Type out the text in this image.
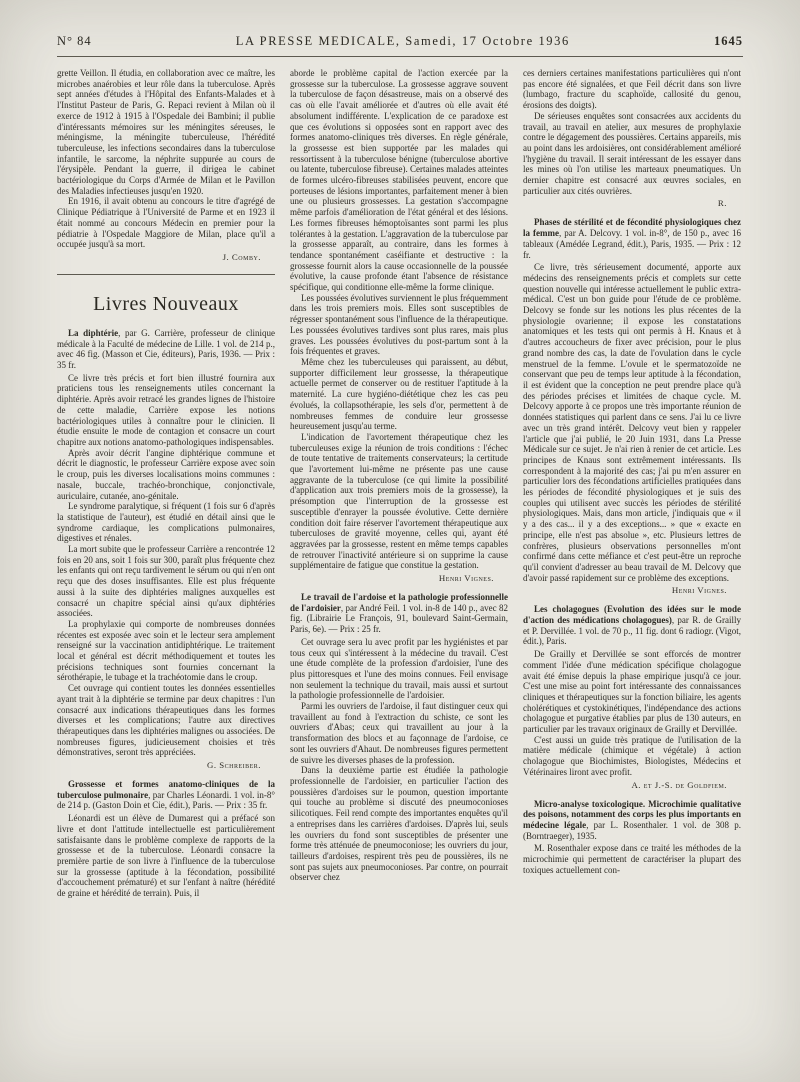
N° 84	LA PRESSE MEDICALE, Samedi, 17 Octobre 1936	1645

grette Veillon. Il étudia, en collaboration avec ce maître, les microbes anaérobies et leur rôle dans la tuberculose. Après sept années d'études à l'Hôpital des Enfants-Malades et à l'Institut Pasteur de Paris, G. Repaci revient à Milan où il exerce de 1912 à 1915 à l'Ospedale dei Bambini; il publie d'intéressants mémoires sur les méningites séreuses, le méningisme, la méningite tuberculeuse, l'hérédité tuberculeuse, les infections secondaires dans la tuberculose infantile, le sarcome, la néphrite suppurée au cours de l'érysipèle. Pendant la guerre, il dirigea le cabinet bactériologique du Corps d'Armée de Milan et le Pavillon des Maladies infectieuses jusqu'en 1920.

En 1916, il avait obtenu au concours le titre d'agrégé de Clinique Pédiatrique à l'Université de Parme et en 1923 il était nommé au concours Médecin en premier pour la pédiatrie à l'Ospedale Maggiore de Milan, place qu'il a occupée jusqu'à sa mort.

J. Comby.

Livres Nouveaux

La diphtérie, par G. Carrière, professeur de clinique médicale à la Faculté de médecine de Lille. 1 vol. de 214 p., avec 46 fig. (Masson et Cie, éditeurs), Paris, 1936. — Prix : 35 fr.

Ce livre très précis et fort bien illustré fournira aux praticiens tous les renseignements utiles concernant la diphtérie. Après avoir retracé les grandes lignes de l'histoire de cette maladie, Carrière expose les notions bactériologiques utiles à connaître pour le clinicien. Il étudie ensuite le mode de contagion et consacre un court chapitre aux notions anatomo-pathologiques indispensables.

Après avoir décrit l'angine diphtérique commune et décrit le diagnostic, le professeur Carrière expose avec soin le croup, puis les diverses localisations moins communes : nasale, buccale, trachéo-bronchique, conjonctivale, auriculaire, cutanée, ano-génitale.

Le syndrome paralytique, si fréquent (1 fois sur 6 d'après la statistique de l'auteur), est étudié en détail ainsi que le syndrome cardiaque, les complications pulmonaires, digestives et rénales.

La mort subite que le professeur Carrière a rencontrée 12 fois en 20 ans, soit 1 fois sur 300, paraît plus fréquente chez les enfants qui ont reçu tardivement le sérum ou qui n'en ont reçu que des doses insuffisantes. Elle est plus fréquente aussi à la suite des diphtéries malignes auxquelles est consacré un chapitre spécial ainsi qu'aux diphtéries associées.

La prophylaxie qui comporte de nombreuses données récentes est exposée avec soin et le lecteur sera amplement renseigné sur la vaccination antidiphtérique. Le traitement local et général est décrit méthodiquement et toutes les précisions techniques sont fournies concernant la sérothérapie, le tubage et la trachéotomie dans le croup.

Cet ouvrage qui contient toutes les données essentielles ayant trait à la diphtérie se termine par deux chapitres : l'un consacré aux indications thérapeutiques dans les formes diverses et les complications; l'autre aux directives thérapeutiques dans les diphtéries malignes ou associées. De nombreuses figures, judicieusement choisies et très démonstratives, seront très appréciées.

G. Schreiber.

Grossesse et formes anatomo-cliniques de la tuberculose pulmonaire, par Charles Léonardi. 1 vol. in-8° de 214 p. (Gaston Doin et Cie, édit.), Paris. — Prix : 35 fr.

Léonardi est un élève de Dumarest qui a préfacé son livre et dont l'attitude intellectuelle est particulièrement satisfaisante dans le problème complexe de rapports de la grossesse et de la tuberculose. Léonardi consacre la première partie de son livre à l'influence de la tuberculose sur la grossesse (aptitude à la fécondation, possibilité d'accouchement prématuré) et sur l'enfant à naître (hérédité de graine et hérédité de terrain). Puis, il

aborde le problème capital de l'action exercée par la grossesse sur la tuberculose. La grossesse aggrave souvent la tuberculose de façon désastreuse, mais on a observé des cas où elle l'avait améliorée et d'autres où elle avait été absolument indifférente. L'explication de ce paradoxe est que ces évolutions si opposées sont en rapport avec des formes anatomo-cliniques très diverses. En règle générale, la grossesse est bien supportée par les malades qui ressortissent à la tuberculose bénigne (tuberculose abortive ou latente, tuberculose fibreuse). Certaines malades atteintes de formes ulcéro-fibreuses stabilisées peuvent, encore que porteuses de lésions importantes, parfaitement mener à bien une ou plusieurs grossesses. La gestation s'accompagne même parfois d'amélioration de l'état général et des lésions. Les formes fibreuses hémoptoïsantes sont parmi les plus tolérantes à la gestation. L'aggravation de la tuberculose par la grossesse apparaît, au contraire, dans les formes à tendance spontanément caséifiante et destructive : la grossesse fournit alors la cause occasionnelle de la poussée évolutive, la cause profonde étant l'absence de résistance spécifique, qui conditionne elle-même la forme clinique.

Les poussées évolutives surviennent le plus fréquemment dans les trois premiers mois. Elles sont susceptibles de régresser spontanément sous l'influence de la thérapeutique. Les poussées évolutives tardives sont plus rares, mais plus graves. Les poussées évolutives du post-partum sont à la fois fréquentes et graves.

Même chez les tuberculeuses qui paraissent, au début, supporter difficilement leur grossesse, la thérapeutique actuelle permet de conserver ou de restituer l'aptitude à la maternité. La cure hygiéno-diététique chez les cas peu évolués, la collapsothérapie, les sels d'or, permettent à de nombreuses femmes de conduire leur grossesse heureusement jusqu'au terme.

L'indication de l'avortement thérapeutique chez les tuberculeuses exige la réunion de trois conditions : l'échec de toute tentative de traitements conservateurs; la certitude que l'avortement lui-même ne présente pas une cause aggravante de la tuberculose (ce qui limite la possibilité d'application aux trois premiers mois de la grossesse), la présomption que l'interruption de la grossesse est susceptible d'enrayer la poussée évolutive. Cette dernière condition doit faire réserver l'avortement thérapeutique aux tuberculoses de gravité moyenne, celles qui, ayant été aggravées par la grossesse, restent en même temps capables de retrouver l'inactivité antérieure si on supprime la cause supplémentaire de fatigue que constitue la gestation.

Henri Vignes.

Le travail de l'ardoise et la pathologie professionnelle de l'ardoisier, par André Feil. 1 vol. in-8 de 140 p., avec 82 fig. (Librairie Le François, 91, boulevard Saint-Germain, Paris, 6e). — Prix : 25 fr.

Cet ouvrage sera lu avec profit par les hygiénistes et par tous ceux qui s'intéressent à la médecine du travail. C'est une étude complète de la profession d'ardoisier, l'une des plus pittoresques et l'une des moins connues. Feil envisage non seulement la technique du travail, mais aussi et surtout la pathologie professionnelle de l'ardoisier.

Parmi les ouvriers de l'ardoise, il faut distinguer ceux qui travaillent au fond à l'extraction du schiste, ce sont les ouvriers d'Abas; ceux qui travaillent au jour à la transformation des blocs et au façonnage de l'ardoise, ce sont les ouvriers d'Ahaut. De nombreuses figures permettent de suivre les diverses phases de la profession.

Dans la deuxième partie est étudiée la pathologie professionnelle de l'ardoisier, en particulier l'action des poussières d'ardoises sur le poumon, question importante qui touche au problème si discuté des pneumoconioses silicotiques. Feil rend compte des importantes enquêtes qu'il a entreprises dans les carrières d'ardoises. D'après lui, seuls les ouvriers du fond sont susceptibles de présenter une forme très atténuée de pneumoconiose; les ouvriers du jour, tailleurs d'ardoises, respirent très peu de poussières, ils ne sont pas sujets aux pneumoconioses. Par contre, on pourrait observer chez

ces derniers certaines manifestations particulières qui n'ont pas encore été signalées, et que Feil décrit dans son livre (lumbago, fracture du scaphoïde, callosité du genou, érosions des doigts).

De sérieuses enquêtes sont consacrées aux accidents du travail, au travail en atelier, aux mesures de prophylaxie contre le dégagement des poussières. Certains appareils, mis au point dans les ardoisières, ont considérablement amélioré l'hygiène du travail. Il serait intéressant de les essayer dans les mines où l'on utilise les marteaux pneumatiques. Un dernier chapitre est consacré aux œuvres sociales, en particulier aux cités ouvrières.

R.

Phases de stérilité et de fécondité physiologiques chez la femme, par A. Delcovy. 1 vol. in-8°, de 150 p., avec 16 tableaux (Amédée Legrand, édit.), Paris, 1935. — Prix : 12 fr.

Ce livre, très sérieusement documenté, apporte aux médecins des renseignements précis et complets sur cette question nouvelle qui intéresse actuellement le public extra-médical. C'est un bon guide pour l'étude de ce problème. Delcovy se fonde sur les notions les plus récentes de la physiologie ovarienne; il expose les constatations anatomiques et les tests qui ont permis à H. Knaus et à d'autres accoucheurs de fixer avec précision, pour le plus grand nombre des cas, la date de l'ovulation dans le cycle menstruel de la femme. L'ovule et le spermatozoïde ne conservant que peu de temps leur aptitude à la fécondation, il est évident que la conception ne peut prendre place qu'à des périodes précises et limitées de chaque cycle. M. Delcovy apporte à ce propos une très importante réunion de données statistiques qui parlent dans ce sens. J'ai lu ce livre avec un très grand intérêt. Delcovy veut bien y rappeler l'article que j'ai publié, le 20 Juin 1931, dans La Presse Médicale sur ce sujet. Je n'ai rien à renier de cet article. Les principes de Knaus sont extrêmement intéressants. Ils correspondent à la majorité des cas; j'ai pu m'en assurer en particulier lors des fécondations artificielles pratiquées dans les périodes de fécondité physiologiques et je suis des couples qui utilisent avec succès les périodes de stérilité physiologiques. Mais, dans mon article, j'indiquais que « il y a des cas... il y a des exceptions... » que « exacte en principe, elle n'est pas absolue », etc. Plusieurs lettres de confrères, plusieurs observations personnelles m'ont confirmé dans cette méfiance et c'est peut-être un reproche qu'il convient d'adresser au beau travail de M. Delcovy que d'avoir passé rapidement sur ce problème des exceptions.

Henri Vignes.

Les cholagogues (Evolution des idées sur le mode d'action des médications cholagogues), par R. de Grailly et P. Dervillée. 1 vol. de 70 p., 11 fig. dont 6 radiogr. (Vigot, édit.), Paris.

De Grailly et Dervillée se sont efforcés de montrer comment l'idée d'une médication spécifique cholagogue avait été émise depuis la phase empirique jusqu'à ce jour. C'est une mise au point fort intéressante des connaissances cliniques et thérapeutiques sur la fonction biliaire, les agents cholérétiques et cystokinétiques, l'indépendance des actions cholagogue et purgative établies par plus de 130 auteurs, en particulier par les travaux originaux de Grailly et Dervillée.

C'est aussi un guide très pratique de l'utilisation de la matière médicale (chimique et végétale) à action cholagogue que Biochimistes, Biologistes, Médecins et Vétérinaires liront avec profit.

A. et J.-S. de Goldfiem.

Micro-analyse toxicologique. Microchimie qualitative des poisons, notamment des corps les plus importants en médecine légale, par L. Rosenthaler. 1 vol. de 308 p. (Borntraeger), 1935.

M. Rosenthaler expose dans ce traité les méthodes de la microchimie qui permettent de caractériser la plupart des toxiques actuellement con-
